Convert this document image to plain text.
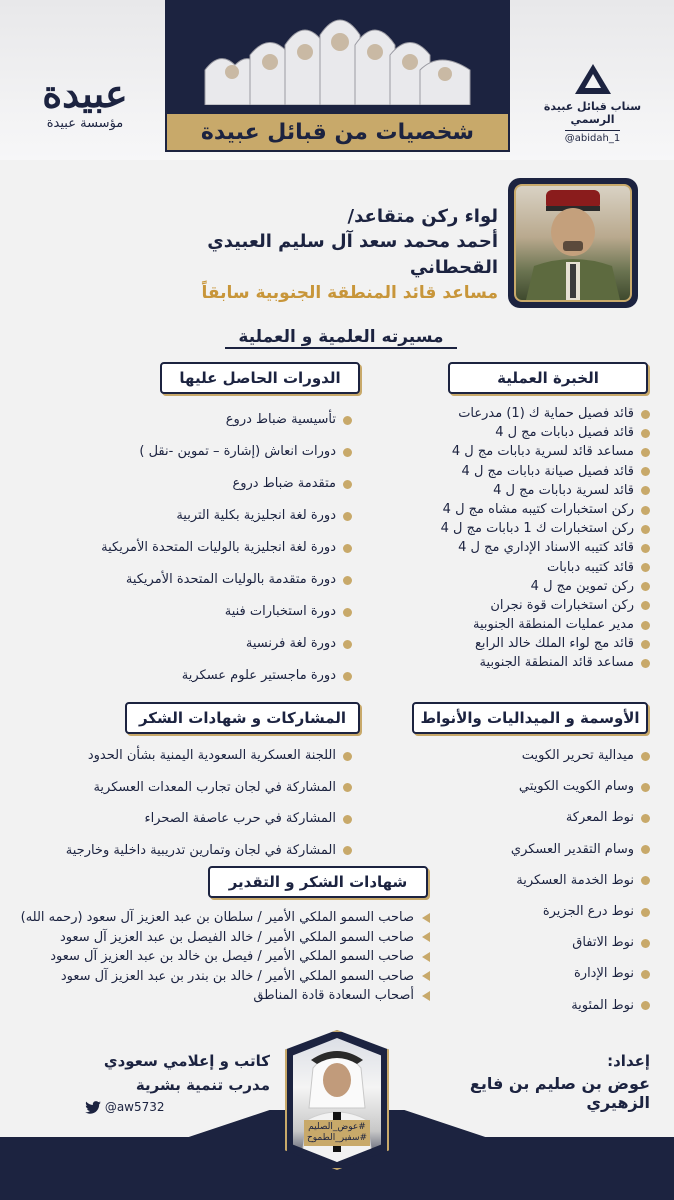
شخصيات من قبائل عبيدة
عبيدة
مؤسسة عبيدة
سناب قبائل عبيدة الرسمي
@abidah_1
لواء ركن متقاعد/
أحمد محمد سعد آل سليم العبيدي القحطاني
مساعد قائد المنطقة الجنوبية سابقاً
مسيرته العلمية و العملية
الخبرة العملية
قائد فصيل حماية ك (1) مدرعات
قائد فصيل دبابات مج ل 4
مساعد قائد لسرية دبابات مج ل 4
قائد فصيل صيانة دبابات مج ل 4
قائد لسرية دبابات مج ل 4
ركن استخبارات كتيبه مشاه مج ل 4
ركن استخبارات ك 1 دبابات مج ل 4
قائد كتيبه الاسناد الإداري مج ل 4
قائد كتيبه دبابات
ركن تموين مج ل 4
ركن استخبارات قوة نجران
مدير عمليات المنطقة الجنوبية
قائد مج لواء الملك خالد الرابع
مساعد قائد المنطقة الجنوبية
الدورات الحاصل عليها
تأسيسية ضباط دروع
دورات انعاش (إشارة – تموين -نقل )
متقدمة ضباط دروع
دورة لغة انجليزية بكلية التربية
دورة لغة انجليزية بالوليات المتحدة الأمريكية
دورة متقدمة بالوليات المتحدة الأمريكية
دورة استخبارات فنية
دورة لغة فرنسية
دورة ماجستير علوم عسكرية
الأوسمة و الميداليات والأنواط
ميدالية تحرير الكويت
وسام الكويت الكويتي
نوط المعركة
وسام التقدير العسكري
نوط الخدمة العسكرية
نوط درع الجزيرة
نوط الاتفاق
نوط الإدارة
نوط المئوية
المشاركات و شهادات الشكر
اللجنة العسكرية السعودية اليمنية بشأن الحدود
المشاركة في لجان تجارب المعدات العسكرية
المشاركة في حرب عاصفة الصحراء
المشاركة في لجان وتمارين تدريبية داخلية وخارجية
شهادات الشكر و التقدير
صاحب السمو الملكي الأمير / سلطان بن عبد العزيز آل سعود (رحمه الله)
صاحب السمو الملكي الأمير / خالد الفيصل بن عبد العزيز آل سعود
صاحب السمو الملكي الأمير / فيصل بن خالد بن عبد العزيز آل سعود
صاحب السمو الملكي الأمير / خالد بن بندر بن عبد العزيز آل سعود
أصحاب السعادة قادة المناطق
#عوض_الصليم
#سفير_الطموح
إعداد:
عوض بن صليم بن فايع الزهيري
كاتب و إعلامي سعودي
مدرب تنمية بشرية
@aw5732
